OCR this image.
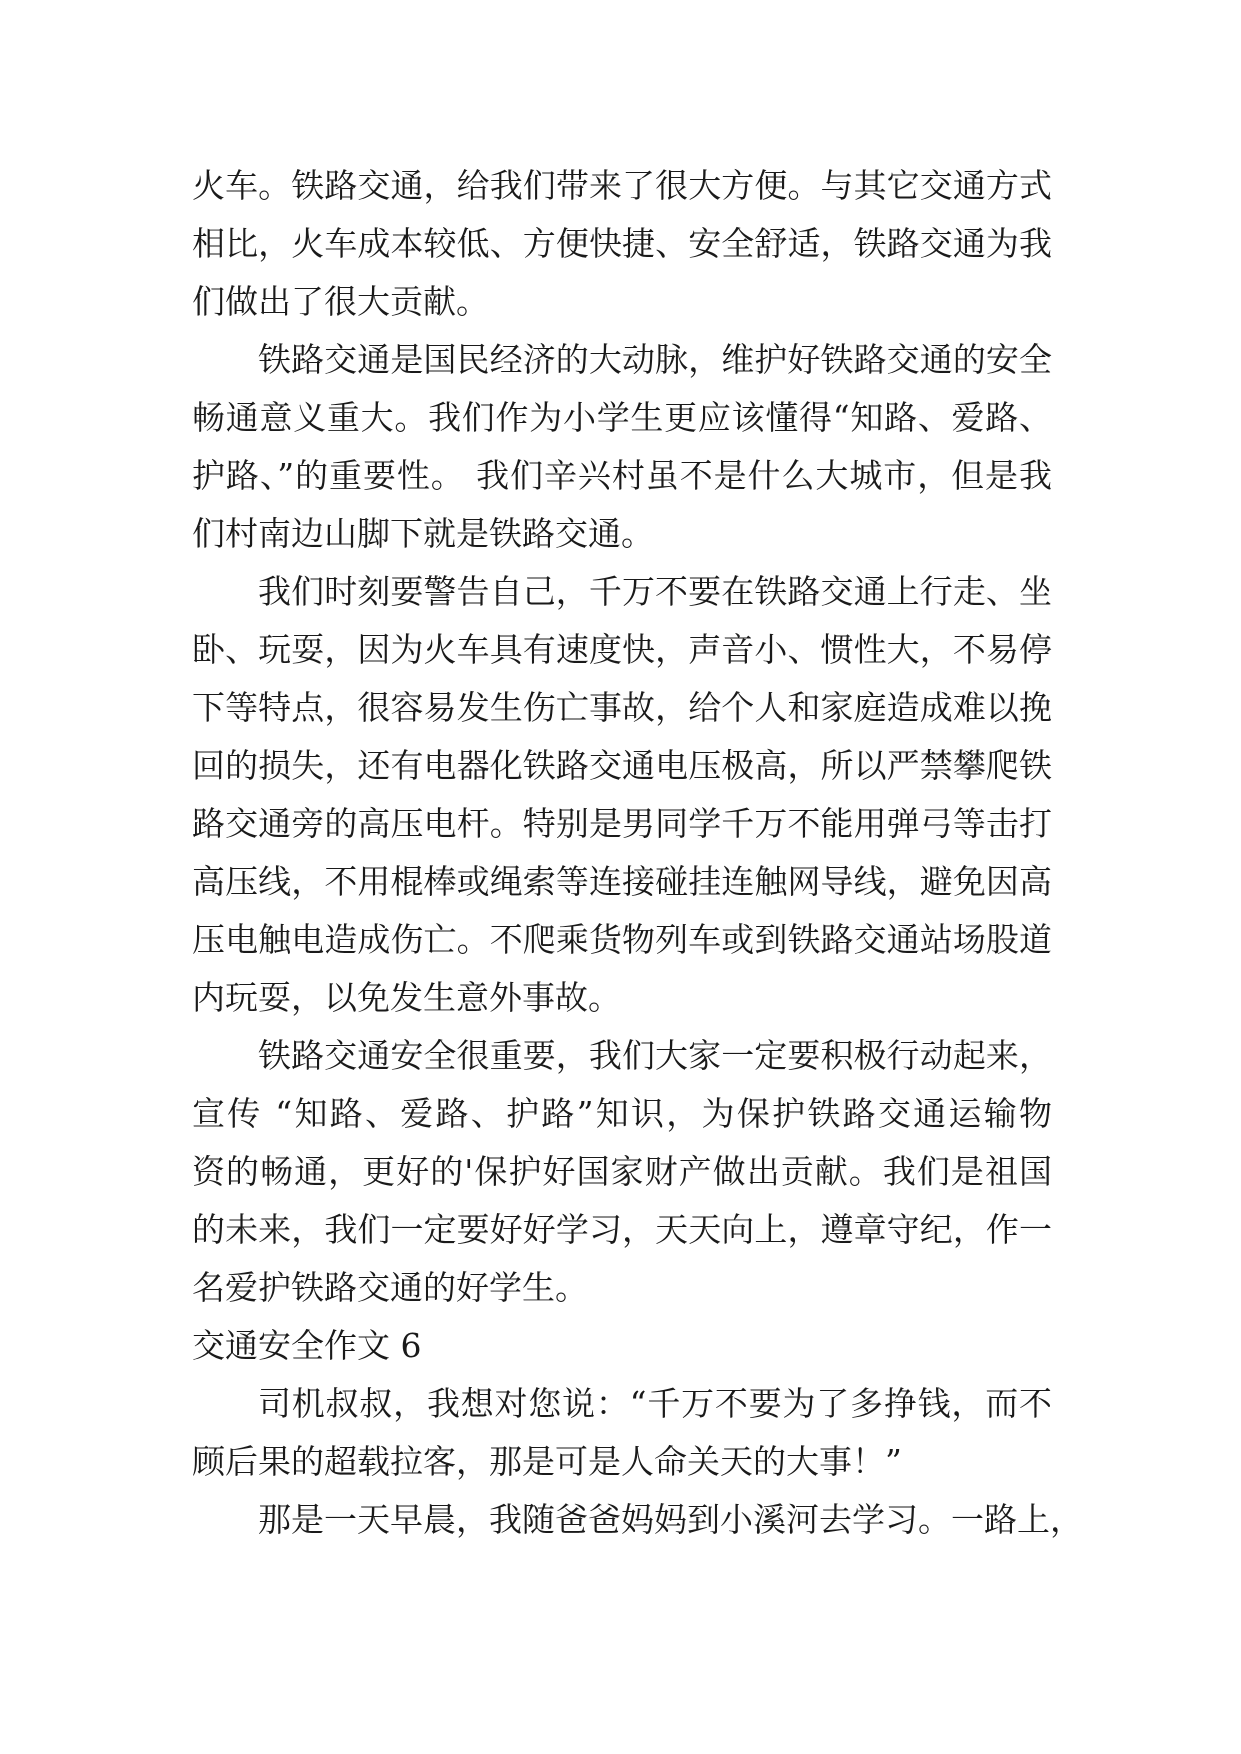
火车。铁路交通，给我们带来了很大方便。与其它交通方式
相比，火车成本较低、方便快捷、安全舒适，铁路交通为我
们做出了很大贡献。
铁路交通是国民经济的大动脉，维护好铁路交通的安全
畅通意义重大。我们作为小学生更应该懂得“知路、爱路、
护路、”的重要性。 我们辛兴村虽不是什么大城市，但是我
们村南边山脚下就是铁路交通。
我们时刻要警告自己，千万不要在铁路交通上行走、坐
卧、玩耍，因为火车具有速度快，声音小、惯性大，不易停
下等特点，很容易发生伤亡事故，给个人和家庭造成难以挽
回的损失，还有电器化铁路交通电压极高，所以严禁攀爬铁
路交通旁的高压电杆。特别是男同学千万不能用弹弓等击打
高压线，不用棍棒或绳索等连接碰挂连触网导线，避免因高
压电触电造成伤亡。不爬乘货物列车或到铁路交通站场股道
内玩耍，以免发生意外事故。
铁路交通安全很重要，我们大家一定要积极行动起来，
宣传 “知路、爱路、护路”知识，为保护铁路交通运输物
资的畅通，更好的'保护好国家财产做出贡献。我们是祖国
的未来，我们一定要好好学习，天天向上，遵章守纪，作一
名爱护铁路交通的好学生。
交通安全作文 6
司机叔叔，我想对您说：“千万不要为了多挣钱，而不
顾后果的超载拉客，那是可是人命关天的大事！”
那是一天早晨，我随爸爸妈妈到小溪河去学习。一路上，
